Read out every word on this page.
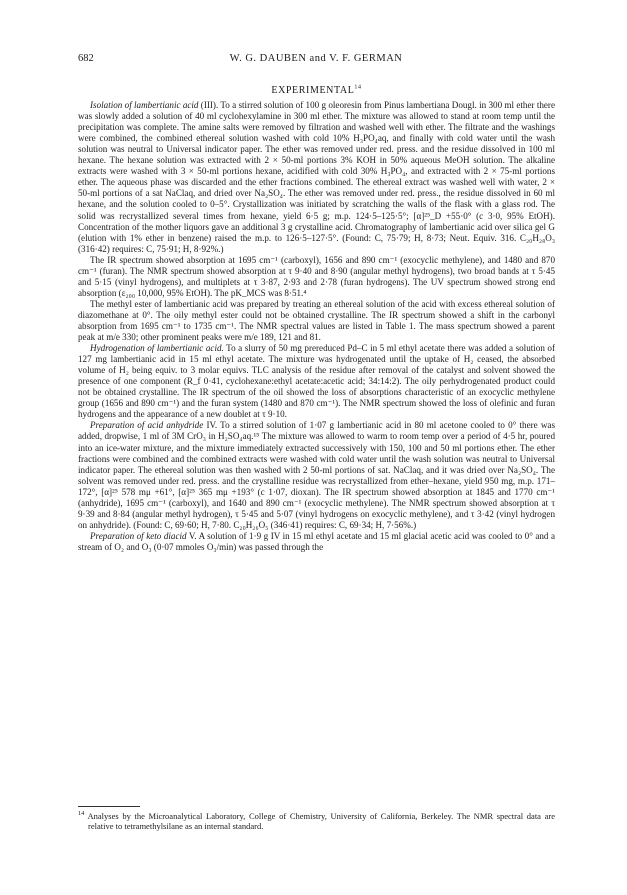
682	W. G. DAUBEN and V. F. GERMAN
EXPERIMENTAL$^{14}$

Isolation of lambertianic acid (III). To a stirred solution of 100 g oleoresin from Pinus lambertiana Dougl. in 300 ml ether there was slowly added a solution of 40 ml cyclohexylamine in 300 ml ether. The mixture was allowed to stand at room temp until the precipitation was complete. The amine salts were removed by filtration and washed well with ether. The filtrate and the washings were combined, the combined ethereal solution washed with cold 10% H₃PO₄aq, and finally with cold water until the wash solution was neutral to Universal indicator paper. The ether was removed under red. press. and the residue dissolved in 100 ml hexane. The hexane solution was extracted with 2 × 50-ml portions 3% KOH in 50% aqueous MeOH solution. The alkaline extracts were washed with 3 × 50-ml portions hexane, acidified with cold 30% H₃PO₄, and extracted with 2 × 75-ml portions ether. The aqueous phase was discarded and the ether fractions combined. The ethereal extract was washed well with water, 2 × 50-ml portions of a sat NaClaq, and dried over Na₂SO₄. The ether was removed under red. press., the residue dissolved in 60 ml hexane, and the solution cooled to 0–5°. Crystallization was initiated by scratching the walls of the flask with a glass rod. The solid was recrystallized several times from hexane, yield 6·5 g; m.p. 124·5–125·5°; [α]²⁵_D +55·0° (c 3·0, 95% EtOH). Concentration of the mother liquors gave an additional 3 g crystalline acid. Chromatography of lambertianic acid over silica gel G (elution with 1% ether in benzene) raised the m.p. to 126·5–127·5°. (Found: C, 75·79; H, 8·73; Neut. Equiv. 316. C₂₀H₂₈O₃ (316·42) requires: C, 75·91; H, 8·92%.)

The IR spectrum showed absorption at 1695 cm⁻¹ (carboxyl), 1656 and 890 cm⁻¹ (exocyclic methylene), and 1480 and 870 cm⁻¹ (furan). The NMR spectrum showed absorption at τ 9·40 and 8·90 (angular methyl hydrogens), two broad bands at τ 5·45 and 5·15 (vinyl hydrogens), and multiplets at τ 3·87, 2·93 and 2·78 (furan hydrogens). The UV spectrum showed strong end absorption (ε₂₀₀ 10,000, 95% EtOH). The pK_MCS was 8·51.⁴

The methyl ester of lambertianic acid was prepared by treating an ethereal solution of the acid with excess ethereal solution of diazomethane at 0°. The oily methyl ester could not be obtained crystalline. The IR spectrum showed a shift in the carbonyl absorption from 1695 cm⁻¹ to 1735 cm⁻¹. The NMR spectral values are listed in Table 1. The mass spectrum showed a parent peak at m/e 330; other prominent peaks were m/e 189, 121 and 81.

Hydrogenation of lambertianic acid. To a slurry of 50 mg prereduced Pd–C in 5 ml ethyl acetate there was added a solution of 127 mg lambertianic acid in 15 ml ethyl acetate. The mixture was hydrogenated until the uptake of H₂ ceased, the absorbed volume of H₂ being equiv. to 3 molar equivs. TLC analysis of the residue after removal of the catalyst and solvent showed the presence of one component (R_f 0·41, cyclohexane:ethyl acetate:acetic acid; 34:14:2). The oily perhydrogenated product could not be obtained crystalline. The IR spectrum of the oil showed the loss of absorptions characteristic of an exocyclic methylene group (1656 and 890 cm⁻¹) and the furan system (1480 and 870 cm⁻¹). The NMR spectrum showed the loss of olefinic and furan hydrogens and the appearance of a new doublet at τ 9·10.

Preparation of acid anhydride IV. To a stirred solution of 1·07 g lambertianic acid in 80 ml acetone cooled to 0° there was added, dropwise, 1 ml of 3M CrO₃ in H₂SO₄aq.¹⁵ The mixture was allowed to warm to room temp over a period of 4·5 hr, poured into an ice-water mixture, and the mixture immediately extracted successively with 150, 100 and 50 ml portions ether. The ether fractions were combined and the combined extracts were washed with cold water until the wash solution was neutral to Universal indicator paper. The ethereal solution was then washed with 2 50-ml portions of sat. NaClaq, and it was dried over Na₂SO₄. The solvent was removed under red. press. and the crystalline residue was recrystallized from ether–hexane, yield 950 mg, m.p. 171–172°, [α]²⁵ 578 mμ +61°, [α]²⁵ 365 mμ +193° (c 1·07, dioxan). The IR spectrum showed absorption at 1845 and 1770 cm⁻¹ (anhydride), 1695 cm⁻¹ (carboxyl), and 1640 and 890 cm⁻¹ (exocyclic methylene). The NMR spectrum showed absorption at τ 9·39 and 8·84 (angular methyl hydrogen), τ 5·45 and 5·07 (vinyl hydrogens on exocyclic methylene), and τ 3·42 (vinyl hydrogen on anhydride). (Found: C, 69·60; H, 7·80. C₂₀H₂₆O₅ (346·41) requires: C, 69·34; H, 7·56%.)

Preparation of keto diacid V. A solution of 1·9 g IV in 15 ml ethyl acetate and 15 ml glacial acetic acid was cooled to 0° and a stream of O₂ and O₃ (0·07 mmoles O₃/min) was passed through the

$^{14}$ Analyses by the Microanalytical Laboratory, College of Chemistry, University of California, Berkeley. The NMR spectral data are relative to tetramethylsilane as an internal standard.
